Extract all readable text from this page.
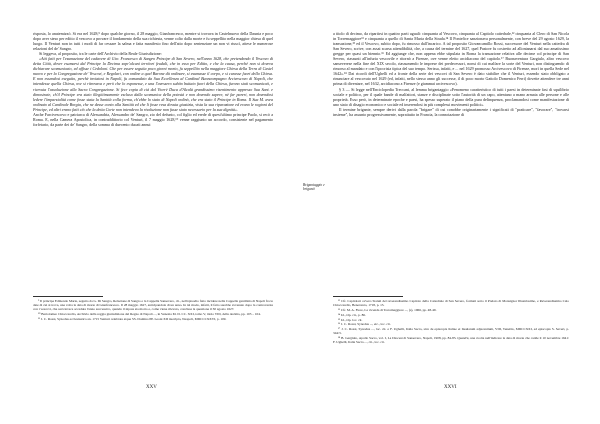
risposta, lo anatemizzò. Si era nel 1628;⁹ dopo qualche giorno, il 28 maggio, Gianfrancesco, mentre si trovava in Castelnuovo della Daunia e poco dopo aver steso per editto il vescovo a provare il fondamento della sua richiesta, venne colto dalla morte e fu seppellito nella maggior chiesa di quel luogo. Il Venturi non in tutti i modi di far cessare la salma e fatta manifesto fino dell'atto dopo sentenziare un non vi riuscì, attese le numerose relazioni del de' Sangro.

Si leggeva, al proposito, tra le carte dell'Archivio della Reale Giurisdizione:

«Atti fatti per l'esumazione del cadavere di Gio: Francesco di Sangro Principe di San Severo, nell'anno 1628, che pretendendo il Vescovo di detta Città, dover esumarsi dal Principe la Decima sopr'alcuni territori feudali, che in esso per Editto, e che la causa, perchè non si doveva dichiarare scomunicato, ed affisse i Cedoloni. Che per essere seguita poco giorni morto, fu seppellito nella maggiore Chiesa della Terra di Castel nuovo e per la Congregazione de' Vescovi, e Regolari, con ordine a quel Barone dà ordinare, si esumasse il corpo, e si curasse fuori della Chiesa. E non essendosi eseguito, perchè inviatosi in Napoli, fu comandato da Sua Eccellenza al Cardinal Buoncompagno Arcivescovo di Napoli, che intendesse quella Chiesa, ove si ritrovava e però che lo esponesse, e una l'avessero subito buttato fuori della Chiesa, furono stati scomunicati, e ricevuta l'assoluzione alla Sacra Congregazione. Si fece copia di cià dal Vicerè Duca d'Alcalà grandissimo risentimento appresso Sua Sant. e dimostrate, ch'il Principe era stato illegittimamente escluso dalla scomunica della potestà e non dovendo sapere, nè far pareri, non dovendosi ledere l'imparzialità come fosse stata la Santità colla forma, ch'ebbe lo stato di Napoli ordinò, che era stato il Principe in Roma. Il Sua M. avea ordinato al Cardinale Borgia, che ne desse conto alla Santità ed che li fosse resa dovuta giustizia, vista la sua riparazione ed erano le ragioni del Principe, ed altri erano fatti ciò che la detta Corte non intendeva la risoluzione non fusse stato necessario per la sua dignità».

Anche Farcivescovo e patriarca di Alessandria, Alessandro de' Sangro, zio del defunto, col figlio ed erede di quest'ultimo principe Paolo, si recò a Roma. E, nella Camera Apostolica, in contraddittorio col Venturi, il 7 maggio 1628,¹⁰ venne raggiunto un accordo, consistente nel pagamento forfetario, da parte dei de' Sangro, della somma di duecento ducati annui

⁹ Il principe Edmondo Maria, seguito da G. Di Sangro, Relazione di Sangro e la Cappella Sansevero, cit., nell'episodio fatto incidere nella Cappella gentilizia di Napoli fra le date di cui si trova, una volta la data di morte di Gianfrancesco. Il 28 maggio 1627, anticipandola di un anno. In tal modo, infatti, il fatto sarebbe avvenuto dopo la controversia con i vescovi, che sarà invece accaduta l'anno successivo, quando il nipote sia morto e, come viene rilevato, conclusa la questione il 30 agosto 1627.

¹⁰ Bartolomeo Chioccarello, Archivio della reggia giurisdizione del Regno di Napoli ..., in Venezia M. D. CC. XXI, tomo V, titolo VIII, della decima, pp. 103 – 104.

¹¹ J. C. Rossi, Synodus ecclesiastica an. 1715 Venturi celebrata atque SS. Domino PP. Leoni XII inscripta, Neapoli, MDCCCXXVI, p. 109.

XXV

a titolo di decimo, da ripartirsi in quattro parti uguali: cinquanta al Vescovo, cinquanta al Capitolo cattedrale,¹² cinquanta al Clero di San Nicola in Torremaggiore¹³ e cinquanta a quello di Santa Maria della Strada.¹⁴ Il Pontefice sanzionava personalmente, con breve del 29 agosto 1629, la transazione,¹⁵ ed il Vescovo, subito dopo, fu rimosso dall'incarico. A tal proposito Giovancamillo Rossi, successore del Venturi nella cattedra di San Severo, scrive, con assai scarsa attendibilità, che, a causa del termine del 1627, quel Pastore fu costretto ad allontanarsi dal suo amatissimo gregge per quasi un biennio.¹⁶ Ed aggiunge che, non appena ebbe stipulata in Roma la transazione relativa alle decime col principe di San Severo, riassunti all'infuria vescovile e ritornò a Firenze, ove venne eletto arcidiacono del capitolo.¹⁷ Buonaventura Gargiulo, altro vescovo sanseverese nella fine del XIX secolo, riassumendo le imprese dei predecessori, nonsi di cui malfare la sorte del Venturi, non distinguendo di rimorso al mandato e con l'ipocrisia tipica del suo tempo. Serissa, infatti, e ... nel 1629 promosso Arcivescovo di Firenze, morì in quella Sede nel 1642».¹⁸ Dai ricordi dell'Ughelli ed a fronte della serie dei vescovi di San Severo è dato stabilire che il Venturi, essendo stato obbligato a rinunciare al vescovato nel 1629 (ed, infatti, nello stesso anno gli successe, il di poco morto Gattolo Domenico Ferri) dovette attendere tre anni prima di diventare, nel 1632, arcidiacono a Firenze (e giammai arcivescovo).

§ 3 — Si legge nell'Enciclopedia Treccani, al lemma brigantaggio «Fenomeno caratteristico di tutti i paesi in determinate fasi di squilibrio sociale e politico, per il quale bande di malfattori, stanze e disciplinate sotto l'autorità di un capo, attentano a mano armata alle persone e alle proprietà. Esso però, in determinate epoche e paesi, ha spesso superato il piano della pura delinquenza, proclamandosi come manifestazione di uno stato di disagio economico e sociale ed inserendosi in più complessi movimenti politici».

Il termine brigante, sempre derivi dalla parola "brigare" di cui conobbe originariamente i significati di "praticare", "favorare", "trovarsi insieme", ha assunto progressivamente, soprattutto in Francia, la connotazione di

Brigantaggio e briganti

¹² Cfr. Capitolari ovvero Statuti del reverendissimo Capitolo della Cattedrale di San Severo, formati sotto il Prelato di Monsignor Illustrissimo, e Reverendissimo Calo Chioccarello, Benevento, 1718, p. 13.

¹³ Cfr. M. A. Fiore, La vicenda di Torremaggiore ..., (s), 1966, pp. 48-49.

¹⁴ Id., Op. cit., p. 86.

¹⁵ Id., Op. loc. cit.

¹⁶ J. C. Rossi, Synodus ..., etc., loc. cit.

¹⁷ J. C. Rossi, Synodus ..., loc. cit. e F. Ughelli, Italia Sacra, sive de episcopis Italiae et Insularum adjacentium, VIII, Venetiis, MDCCXXI, ed episcopis S. Severi, p. 344/3.

¹⁸ B. Gargiulo, Apollo Sacro, vol. I, La Diocesi di Sansevero, Napoli, 1908, pp. 84-85. Quand'è, una svolta nell'indicare la data di morte che cadde il 10 novembre 1641: F. Ughelli, Italia Sacra ..., cit., loc. cit.

XXVI
